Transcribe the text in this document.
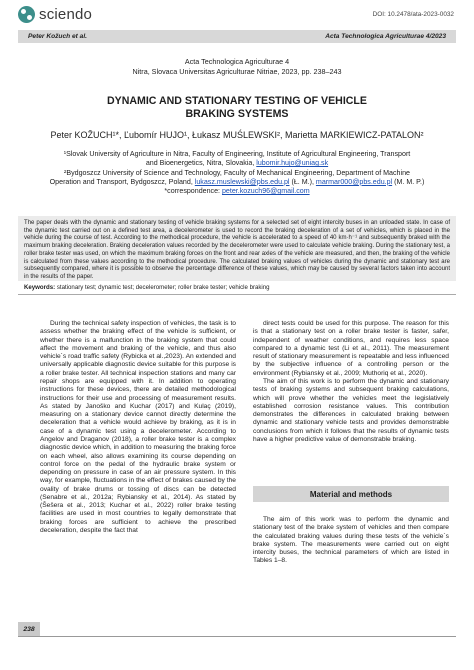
sciendo	DOI: 10.2478/ata-2023-0032
Peter Kožuch et al.	Acta Technologica Agriculturae 4/2023
Acta Technologica Agriculturae 4
Nitra, Slovaca Universitas Agriculturae Nitriae, 2023, pp. 238–243
DYNAMIC AND STATIONARY TESTING OF VEHICLE
BRAKING SYSTEMS
Peter KOŽUCH¹*, Ľubomír HUJO¹, Łukasz MUŚLEWSKI², Marietta MARKIEWICZ-PATALON²
¹Slovak University of Agriculture in Nitra, Faculty of Engineering, Institute of Agricultural Engineering, Transport
and Bioenergetics, Nitra, Slovakia, lubomir.hujo@uniag.sk
²Bydgoszcz University of Science and Technology, Faculty of Mechanical Engineering, Department of Machine
Operation and Transport, Bydgoszcz, Poland, lukasz.muslewski@pbs.edu.pl (Ł. M.), marmar000@pbs.edu.pl (M. M. P.)
*correspondence: peter.kozuch96@gmail.com
The paper deals with the dynamic and stationary testing of vehicle braking systems for a selected set of eight intercity buses in an unloaded state. In case of the dynamic test carried out on a defined test area, a decelerometer is used to record the braking deceleration of a set of vehicles, which is placed in the vehicle during the course of test. According to the methodical procedure, the vehicle is accelerated to a speed of 40 km·h⁻¹ and subsequently braked with the maximum braking deceleration. Braking deceleration values recorded by the decelerometer were used to calculate vehicle braking. During the stationary test, a roller brake tester was used, on which the maximum braking forces on the front and rear axles of the vehicle are measured, and then, the braking of the vehicle is calculated from these values according to the methodical procedure. The calculated braking values of vehicles during the dynamic and stationary test are subsequently compared, where it is possible to observe the percentage difference of these values, which may be caused by several factors taken into account in the results of the paper.
Keywords: stationary test; dynamic test; decelerometer; roller brake tester; vehicle braking

During the technical safety inspection of vehicles, the task is to assess whether the braking effect of the vehicle is sufficient, or whether there is a malfunction in the braking system that could affect the movement and braking of the vehicle, and thus also vehicle´s road traffic safety (Rybicka et al.,2023). An extended and universally applicable diagnostic device suitable for this purpose is a roller brake tester. All technical inspection stations and many car repair shops are equipped with it. In addition to operating instructions for these devices, there are detailed methodological instructions for their use and processing of measurement results. As stated by Janoško and Kuchar (2017) and Kulaç (2019), measuring on a stationary device cannot directly determine the deceleration that a vehicle would achieve by braking, as it is in case of a dynamic test using a decelerometer. According to Angelov and Draganov (2018), a roller brake tester is a complex diagnostic device which, in addition to measuring the braking force on each wheel, also allows examining its course depending on control force on the pedal of the hydraulic brake system or depending on pressure in case of an air pressure system. In this way, for example, fluctuations in the effect of brakes caused by the ovality of brake drums or tossing of discs can be detected (Senabre et al., 2012a; Rybiansky et al., 2014). As stated by (Šešera et al., 2013; Kuchar et al., 2022) roller brake testing facilities are used in most countries to legally demonstrate that braking forces are sufficient to achieve the prescribed deceleration, despite the fact that

direct tests could be used for this purpose. The reason for this is that a stationary test on a roller brake tester is faster, safer, independent of weather conditions, and requires less space compared to a dynamic test (Li et al., 2011). The measurement result of stationary measurement is repeatable and less influenced by the subjective influence of a controlling person or the environment (Rybiansky et al., 2009; Muthoriq et al., 2020).

The aim of this work is to perform the dynamic and stationary tests of braking systems and subsequent braking calculations, which will prove whether the vehicles meet the legislatively established corrosion resistance values. This contribution demonstrates the differences in calculated braking between dynamic and stationary vehicle tests and provides demonstrable conclusions from which it follows that the results of dynamic tests have a higher predictive value of demonstrable braking.

Material and methods

The aim of this work was to perform the dynamic and stationary test of the brake system of vehicles and then compare the calculated braking values during these tests of the vehicle´s brake system. The measurements were carried out on eight intercity buses, the technical parameters of which are listed in Tables 1–8.

238
